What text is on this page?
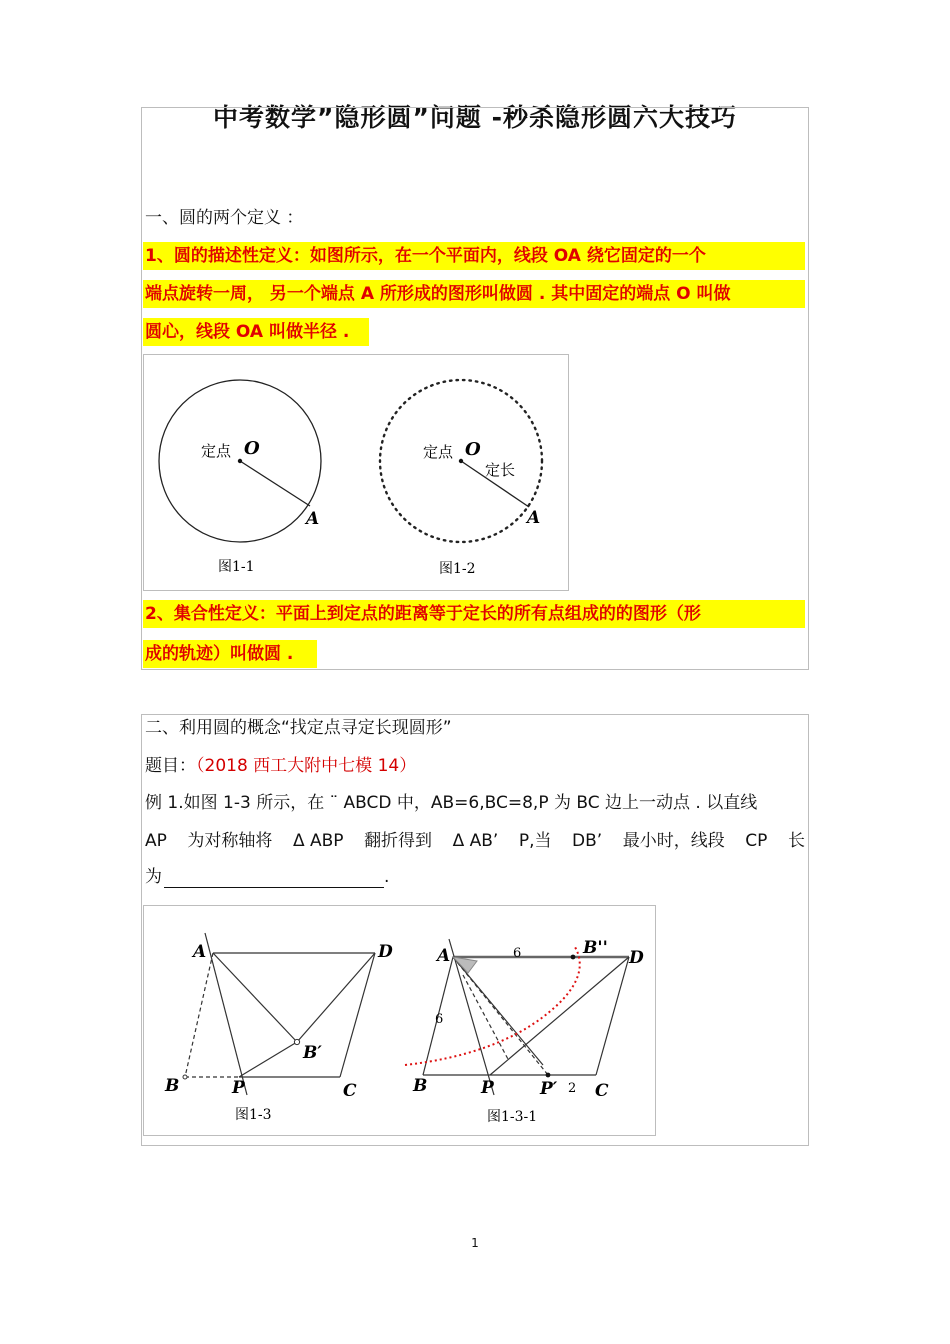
中考数学”隐形圆”问题 -秒杀隐形圆六大技巧
一、圆的两个定义 ：
1、圆的描述性定义：如图所示，在一个平面内，线段 OA 绕它固定的一个
端点旋转一周， 另一个端点 A 所形成的图形叫做圆 . 其中固定的端点 O 叫做
圆心，线段 OA 叫做半径 .
定点 O
A
图1-1
定点 O
定长
A
图1-2
2、集合性定义：平面上到定点的距离等于定长的所有点组成的的图形（形
成的轨迹）叫做圆 .
二、利用圆的概念“找定点寻定长现圆形”
题目：（2018 西工大附中七模 14）
例 1.如图 1-3 所示，在 ¨ ABCD 中，AB=6,BC=8,P 为 BC 边上一动点 . 以直线
AP 为对称轴将 Δ ABP 翻折得到 Δ AB’ P,当 DB’ 最小时，线段 CP 长
为	.
A	D
B	P	C
B′
图1-3
A	D
B	P	C
B''
P′
6
6
2
图1-3-1
1
